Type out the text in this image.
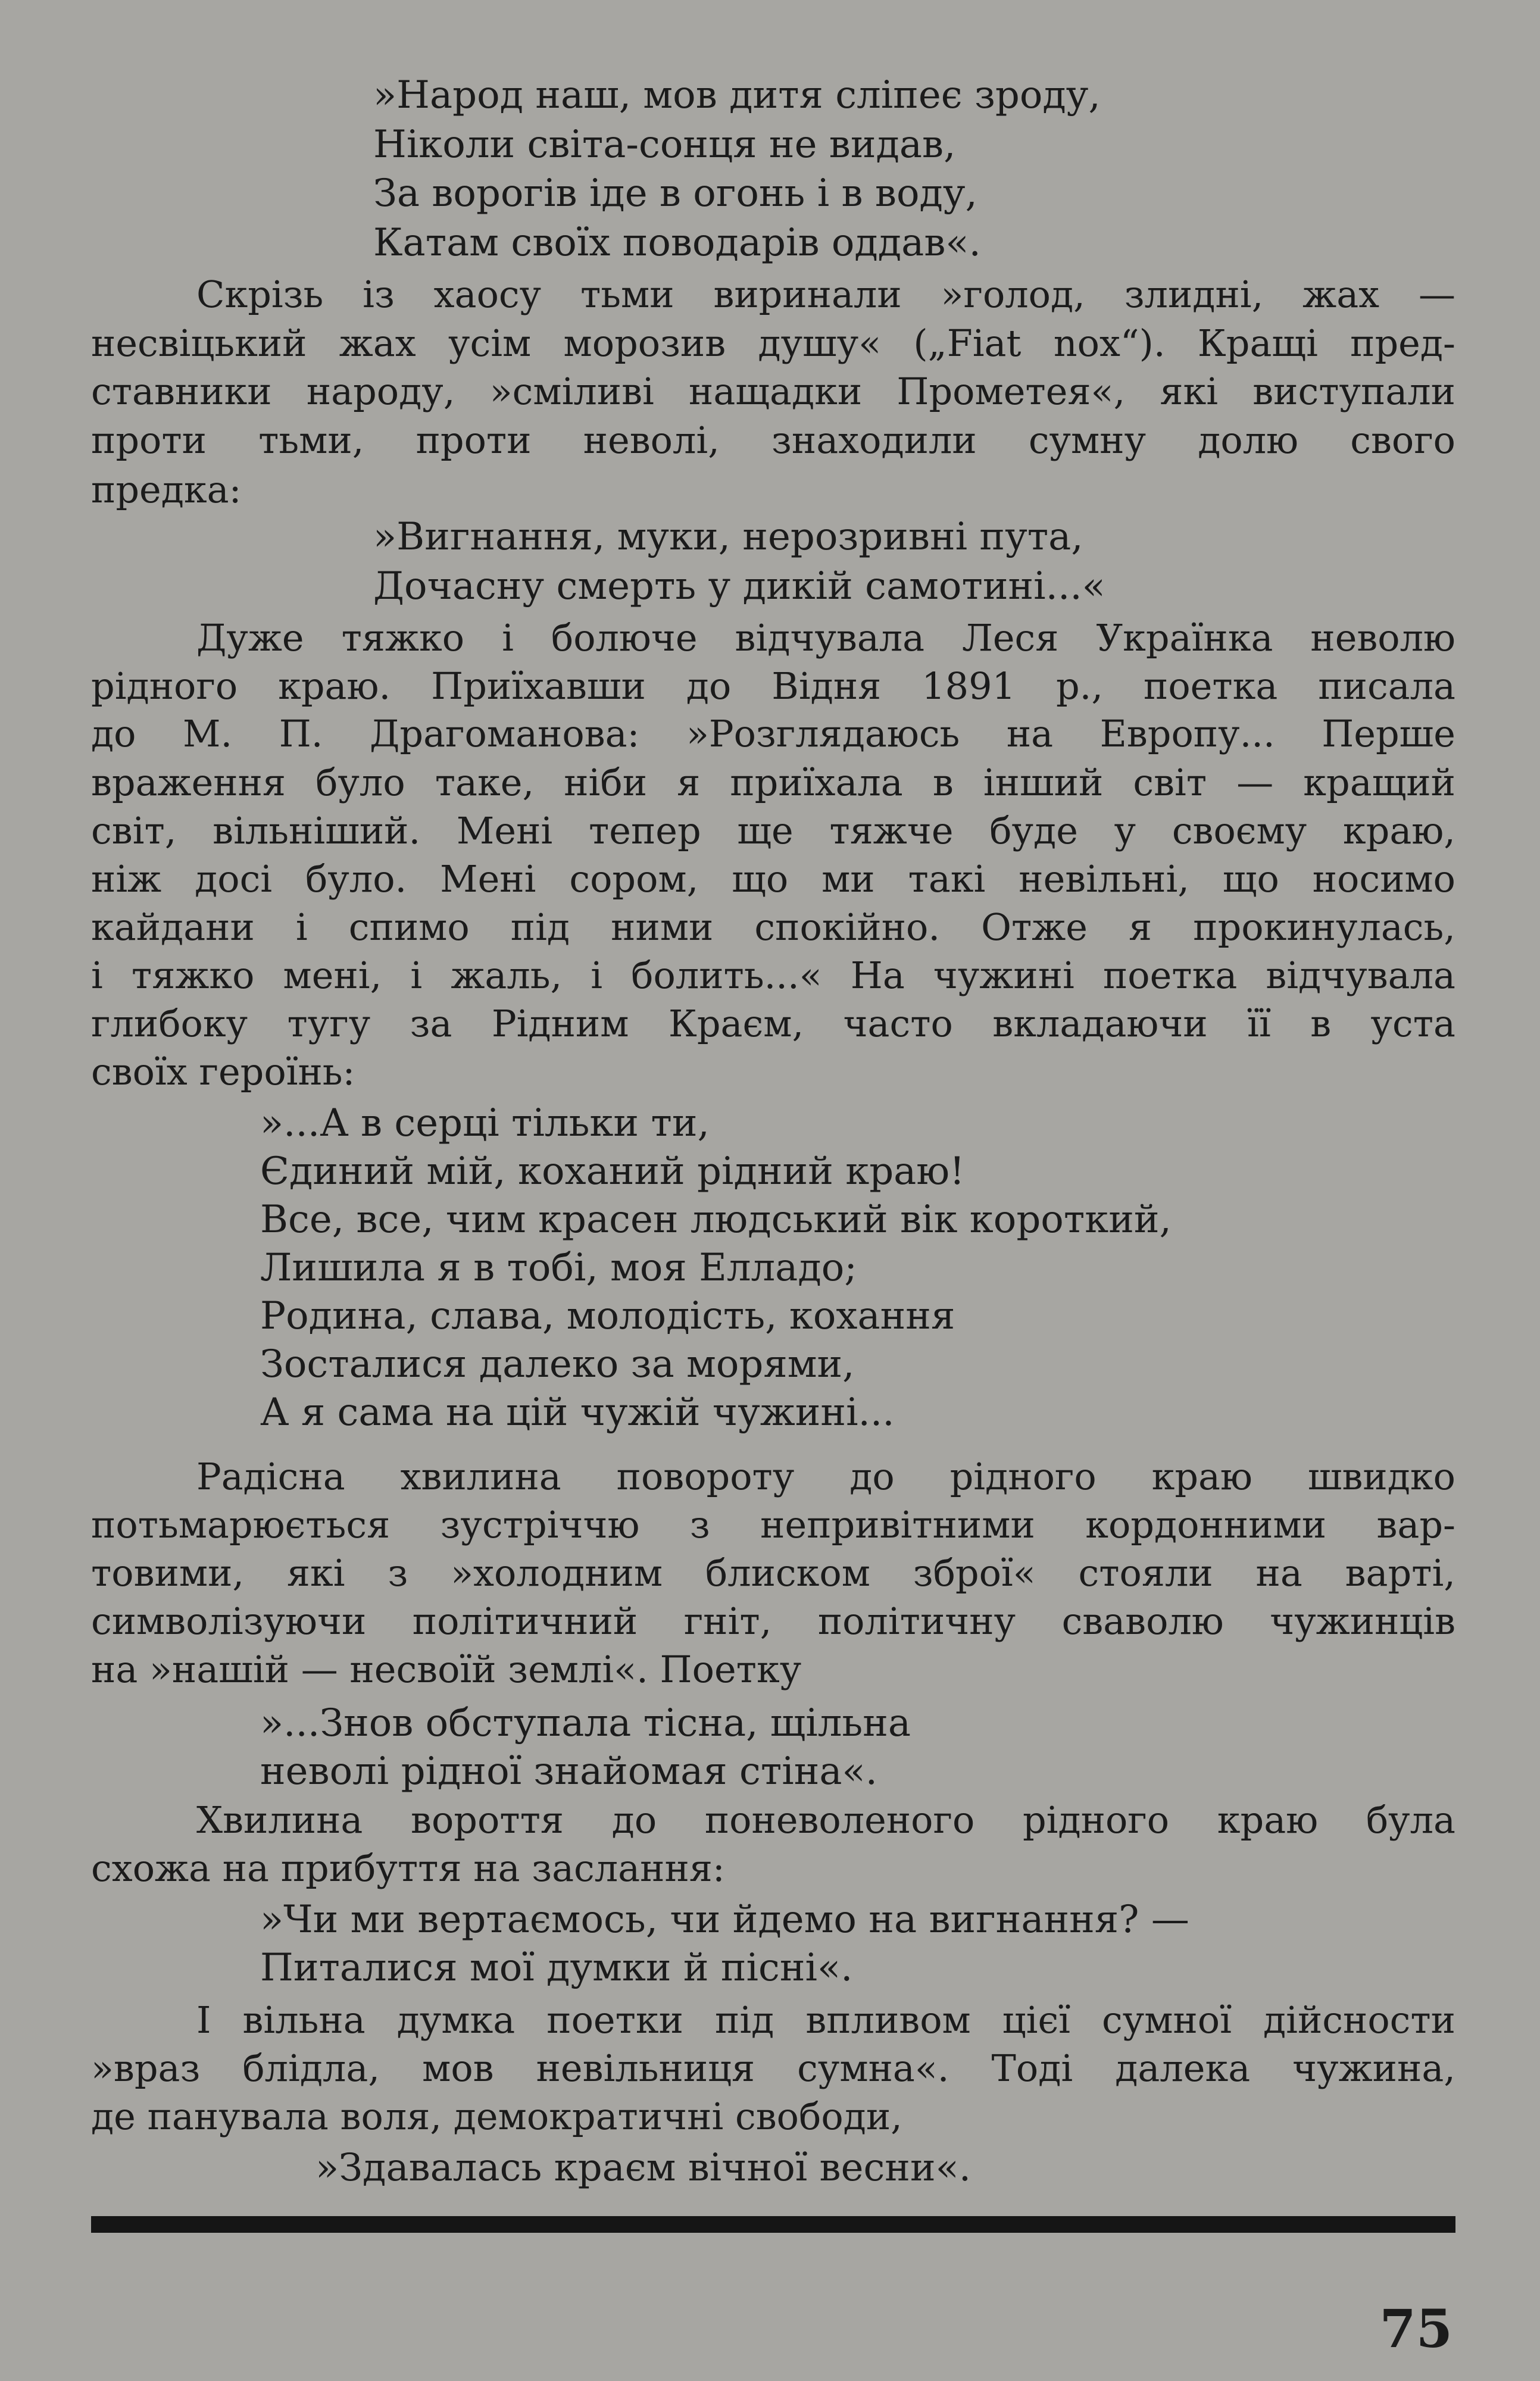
»Народ наш, мов дитя сліпеє зроду,
Ніколи світа-сонця не видав,
За ворогів іде в огонь і в воду,
Катам своїх поводарів оддав«.
Скрізь із хаосу тьми виринали »голод, злидні, жах —
несвіцький жах усім морозив душу« („Fiat nox“). Кращі пред-
ставники народу, »сміливі нащадки Прометея«, які виступали
проти тьми, проти неволі, знаходили сумну долю свого
предка:
»Вигнання, муки, нерозривні пута,
Дочасну смерть у дикій самотині...«
Дуже тяжко і болюче відчувала Леся Українка неволю
рідного краю. Приїхавши до Відня 1891 р., поетка писала
до М. П. Драгоманова: »Розглядаюсь на Европу... Перше
враження було таке, ніби я приїхала в інший світ — кращий
світ, вільніший. Мені тепер ще тяжче буде у своєму краю,
ніж досі було. Мені сором, що ми такі невільні, що носимо
кайдани і спимо під ними спокійно. Отже я прокинулась,
і тяжко мені, і жаль, і болить...« На чужині поетка відчувала
глибоку тугу за Рідним Краєм, часто вкладаючи її в уста
своїх героїнь:
»...А в серці тільки ти,
Єдиний мій, коханий рідний краю!
Все, все, чим красен людський вік короткий,
Лишила я в тобі, моя Елладо;
Родина, слава, молодість, кохання
Зосталися далеко за морями,
А я сама на цій чужій чужині...
Радісна хвилина повороту до рідного краю швидко
потьмарюється зустріччю з непривітними кордонними вар-
товими, які з »холодним блиском зброї« стояли на варті,
символізуючи політичний гніт, політичну сваволю чужинців
на »нашій — несвоїй землі«. Поетку
»...Знов обступала тісна, щільна
неволі рідної знайомая стіна«.
Хвилина вороття до поневоленого рідного краю була
схожа на прибуття на заслання:
»Чи ми вертаємось, чи йдемо на вигнання? —
Питалися мої думки й пісні«.
І вільна думка поетки під впливом цієї сумної дійсности
»враз блідла, мов невільниця сумна«. Тоді далека чужина,
де панувала воля, демократичні свободи,
»Здавалась краєм вічної весни«.
75
